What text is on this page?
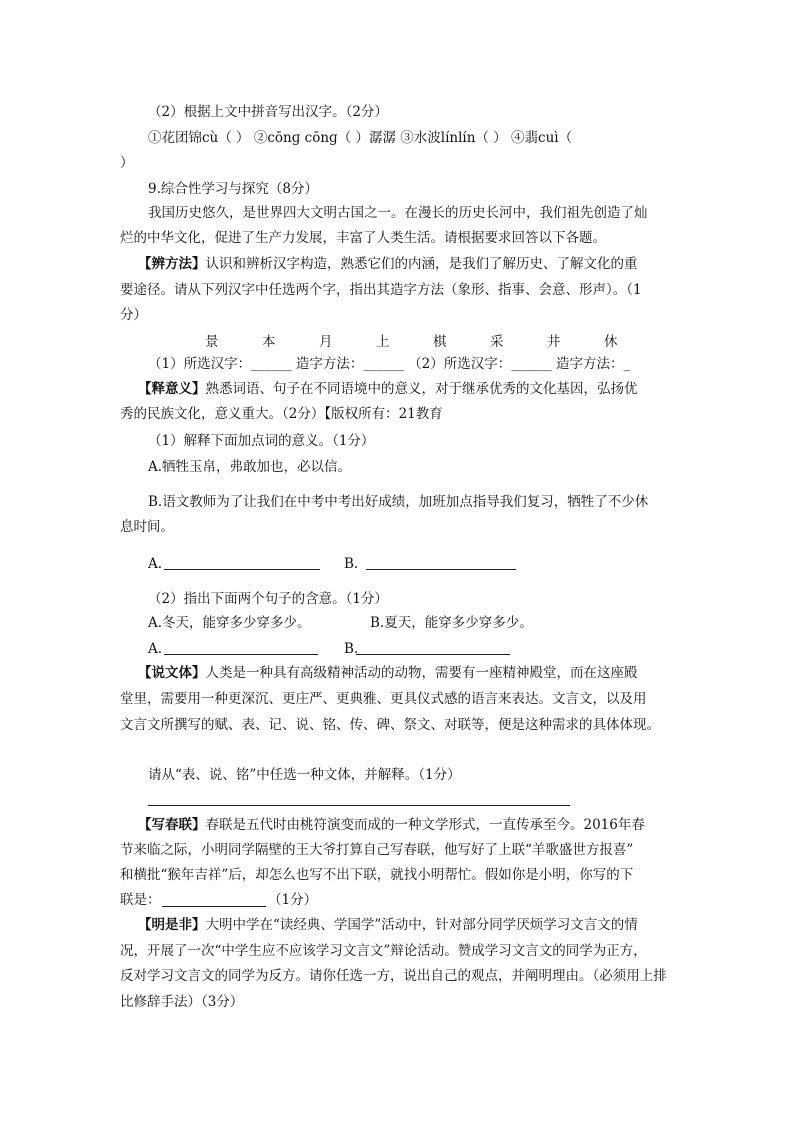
（2）根据上文中拼音写出汉字。（2分）
①花团锦cù（ ） ②cōnɡ cōnɡ（ ）潺潺 ③水波línlín（ ） ④翡cuì（
）
9.综合性学习与探究（8分）
我国历史悠久，是世界四大文明古国之一。在漫长的历史长河中，我们祖先创造了灿
烂的中华文化，促进了生产力发展，丰富了人类生活。请根据要求回答以下各题。
【辨方法】认识和辨析汉字构造，熟悉它们的内涵，是我们了解历史、了解文化的重
要途径。请从下列汉字中任选两个字，指出其造字方法（象形、指事、会意、形声）。（1
分）
景	本	月	上	棋	采	井	休
（1）所选汉字：______ 造字方法：______ （2）所选汉字：______ 造字方法：_
【释意义】熟悉词语、句子在不同语境中的意义，对于继承优秀的文化基因，弘扬优
秀的民族文化，意义重大。（2分）【版权所有：21教育
（1）解释下面加点词的意义。（1分）
A.牺牲玉帛，弗敢加也，必以信。
B.语文教师为了让我们在中考中考出好成绩，加班加点指导我们复习，牺牲了不少休
息时间。
A.	B.
（2）指出下面两个句子的含意。（1分）
A.冬天，能穿多少穿多少。	B.夏天，能穿多少穿多少。
A.	B.
【说文体】人类是一种具有高级精神活动的动物，需要有一座精神殿堂，而在这座殿
堂里，需要用一种更深沉、更庄严、更典雅、更具仪式感的语言来表达。文言文，以及用
文言文所撰写的赋、表、记、说、铭、传、碑、祭文、对联等，便是这种需求的具体体现。
请从“表、说、铭”中任选一种文体，并解释。（1分）
【写春联】春联是五代时由桃符演变而成的一种文学形式，一直传承至今。2016年春
节来临之际，小明同学隔壁的王大爷打算自己写春联，他写好了上联“羊歌盛世方报喜”
和横批“猴年吉祥”后，却怎么也写不出下联，就找小明帮忙。假如你是小明，你写的下
联是：	（1分）
【明是非】大明中学在“读经典、学国学”活动中，针对部分同学厌烦学习文言文的情
况，开展了一次“中学生应不应该学习文言文”辩论活动。赞成学习文言文的同学为正方，
反对学习文言文的同学为反方。请你任选一方，说出自己的观点，并阐明理由。（必须用上排
比修辞手法）（3分）
